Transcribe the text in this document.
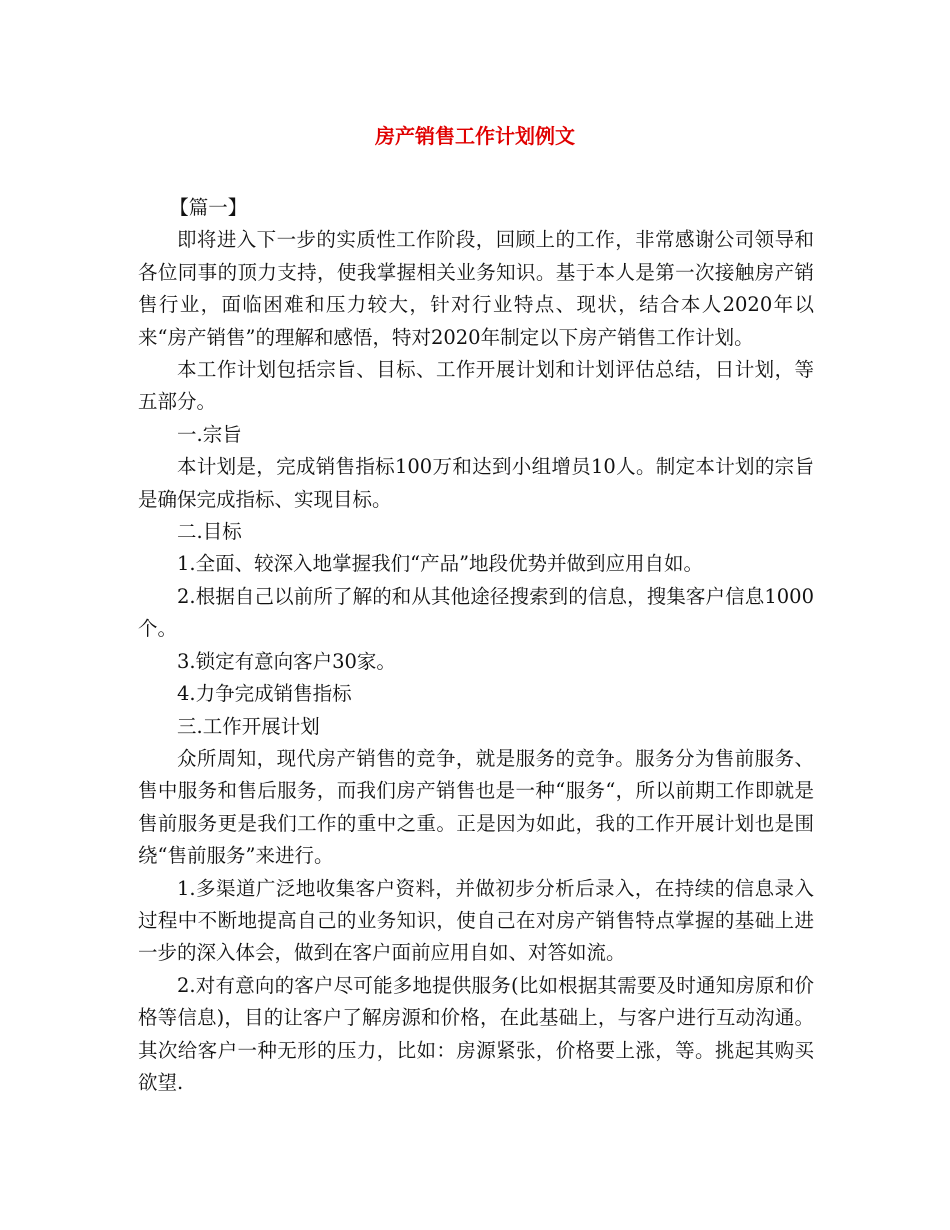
房产销售工作计划例文

【篇一】

即将进入下一步的实质性工作阶段，回顾上的工作，非常感谢公司领导和各位同事的顶力支持，使我掌握相关业务知识。基于本人是第一次接触房产销售行业，面临困难和压力较大，针对行业特点、现状，结合本人2020年以来“房产销售”的理解和感悟，特对2020年制定以下房产销售工作计划。

本工作计划包括宗旨、目标、工作开展计划和计划评估总结，日计划，等五部分。

一.宗旨

本计划是，完成销售指标100万和达到小组增员10人。制定本计划的宗旨是确保完成指标、实现目标。

二.目标

1.全面、较深入地掌握我们“产品”地段优势并做到应用自如。

2.根据自己以前所了解的和从其他途径搜索到的信息，搜集客户信息1000个。

3.锁定有意向客户30家。

4.力争完成销售指标

三.工作开展计划

众所周知，现代房产销售的竞争，就是服务的竞争。服务分为售前服务、售中服务和售后服务，而我们房产销售也是一种“服务“，所以前期工作即就是售前服务更是我们工作的重中之重。正是因为如此，我的工作开展计划也是围绕“售前服务”来进行。

1.多渠道广泛地收集客户资料，并做初步分析后录入，在持续的信息录入过程中不断地提高自己的业务知识，使自己在对房产销售特点掌握的基础上进一步的深入体会，做到在客户面前应用自如、对答如流。

2.对有意向的客户尽可能多地提供服务(比如根据其需要及时通知房原和价格等信息)，目的让客户了解房源和价格，在此基础上，与客户进行互动沟通。其次给客户一种无形的压力，比如：房源紧张，价格要上涨，等。挑起其购买欲望.
